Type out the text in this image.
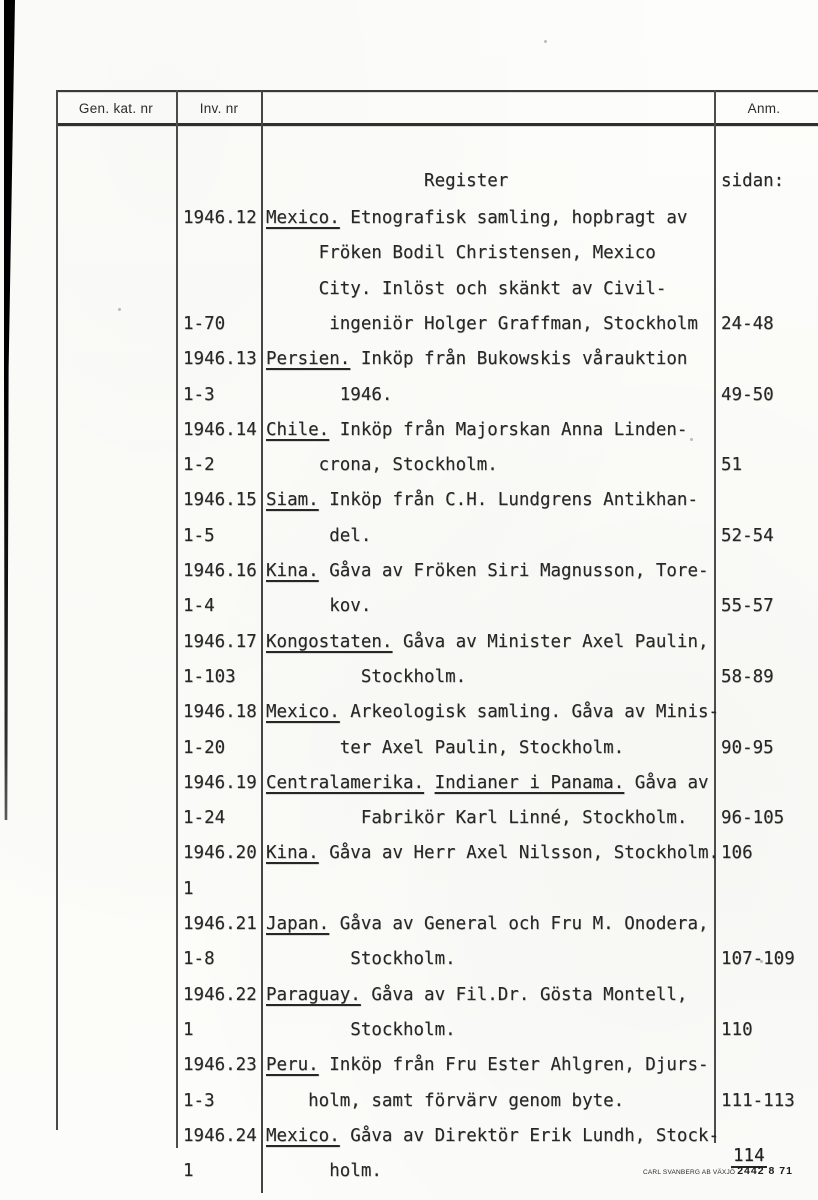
Gen. kat. nr	Inv. nr	Anm.
Register	sidan:
1946.12 Mexico. Etnografisk samling, hopbragt av
Fröken Bodil Christensen, Mexico
City. Inlöst och skänkt av Civil-
1-70 ingeniör Holger Graffman, Stockholm 24-48
1946.13 Persien. Inköp från Bukowskis vårauktion
1-3	1946.	49-50
1946.14 Chile. Inköp från Majorskan Anna Linden-
1-2	crona, Stockholm.	51
1946.15 Siam. Inköp från C.H. Lundgrens Antikhan-
1-5	del.	52-54
1946.16 Kina. Gåva av Fröken Siri Magnusson, Tore-
1-4	kov.	55-57
1946.17 Kongostaten. Gåva av Minister Axel Paulin,
1-103 Stockholm.	58-89
1946.18 Mexico. Arkeologisk samling. Gåva av Minis-
1-20 ter Axel Paulin, Stockholm.	90-95
1946.19 Centralamerika. Indianer i Panama. Gåva av
1-24 Fabrikör Karl Linné, Stockholm. 96-105
1946.20 Kina. Gåva av Herr Axel Nilsson, Stockholm. 106
1
1946.21 Japan. Gåva av General och Fru M. Onodera,
1-8	Stockholm.	107-109
1946.22 Paraguay. Gåva av Fil.Dr. Gösta Montell,
1	Stockholm.	110
1946.23 Peru. Inköp från Fru Ester Ahlgren, Djurs-
1-3	holm, samt förvärv genom byte.	111-113
1946.24 Mexico. Gåva av Direktör Erik Lundh, Stock-
1	holm.
114
CARL SVANBERG AB VÄXJÖ 2442 8 71
